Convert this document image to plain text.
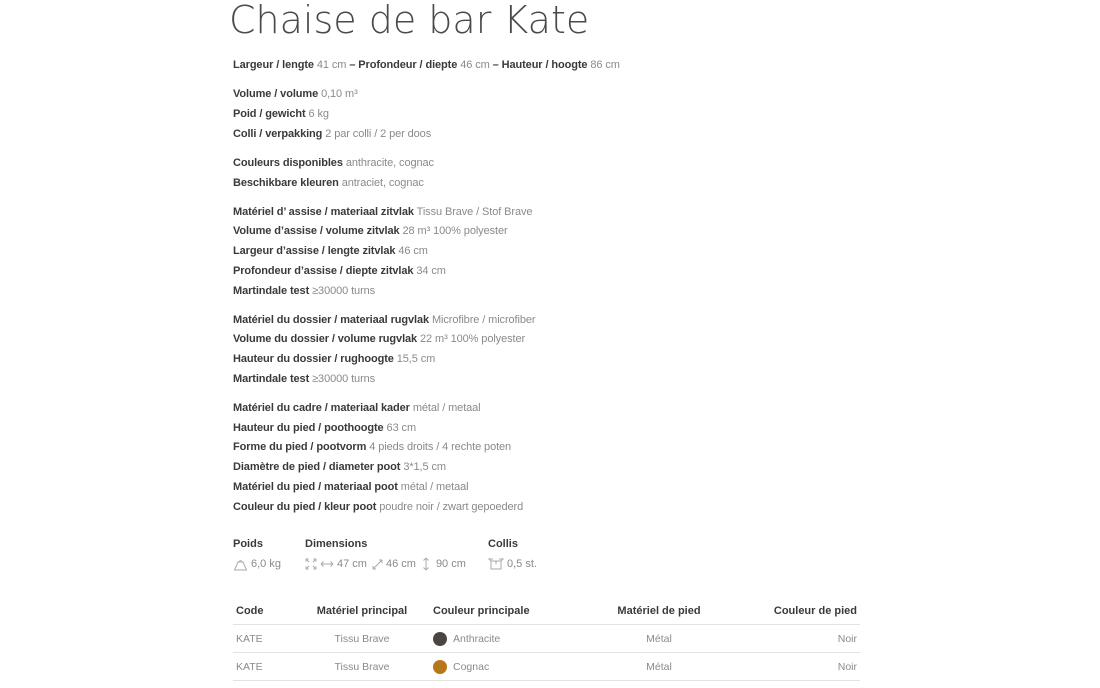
Chaise de bar Kate
Largeur / lengte 41 cm – Profondeur / diepte 46 cm – Hauteur / hoogte 86 cm
Volume / volume 0,10 m³
Poid / gewicht 6 kg
Colli / verpakking 2 par colli / 2 per doos
Couleurs disponibles anthracite, cognac
Beschikbare kleuren antraciet, cognac
Matériel d’ assise / materiaal zitvlak Tissu Brave / Stof Brave
Volume d’assise / volume zitvlak 28 m³ 100% polyester
Largeur d’assise / lengte zitvlak 46 cm
Profondeur d’assise / diepte zitvlak 34 cm
Martindale test ≥30000 turns
Matériel du dossier / materiaal rugvlak Microfibre / microfiber
Volume du dossier / volume rugvlak 22 m³ 100% polyester
Hauteur du dossier / rughoogte 15,5 cm
Martindale test ≥30000 turns
Matériel du cadre / materiaal kader métal / metaal
Hauteur du pied / poothoogte 63 cm
Forme du pied / pootvorm 4 pieds droits / 4 rechte poten
Diamètre de pied / diameter poot 3*1,5 cm
Matériel du pied / materiaal poot métal / metaal
Couleur du pied / kleur poot poudre noir / zwart gepoederd
Poids
6,0 kg
Dimensions
47 cm 46 cm 90 cm
Collis
0,5 st.
Code	Matériel principal	Couleur principale	Matériel de pied	Couleur de pied
KATE	Tissu Brave	Anthracite	Métal	Noir
KATE	Tissu Brave	Cognac	Métal	Noir
